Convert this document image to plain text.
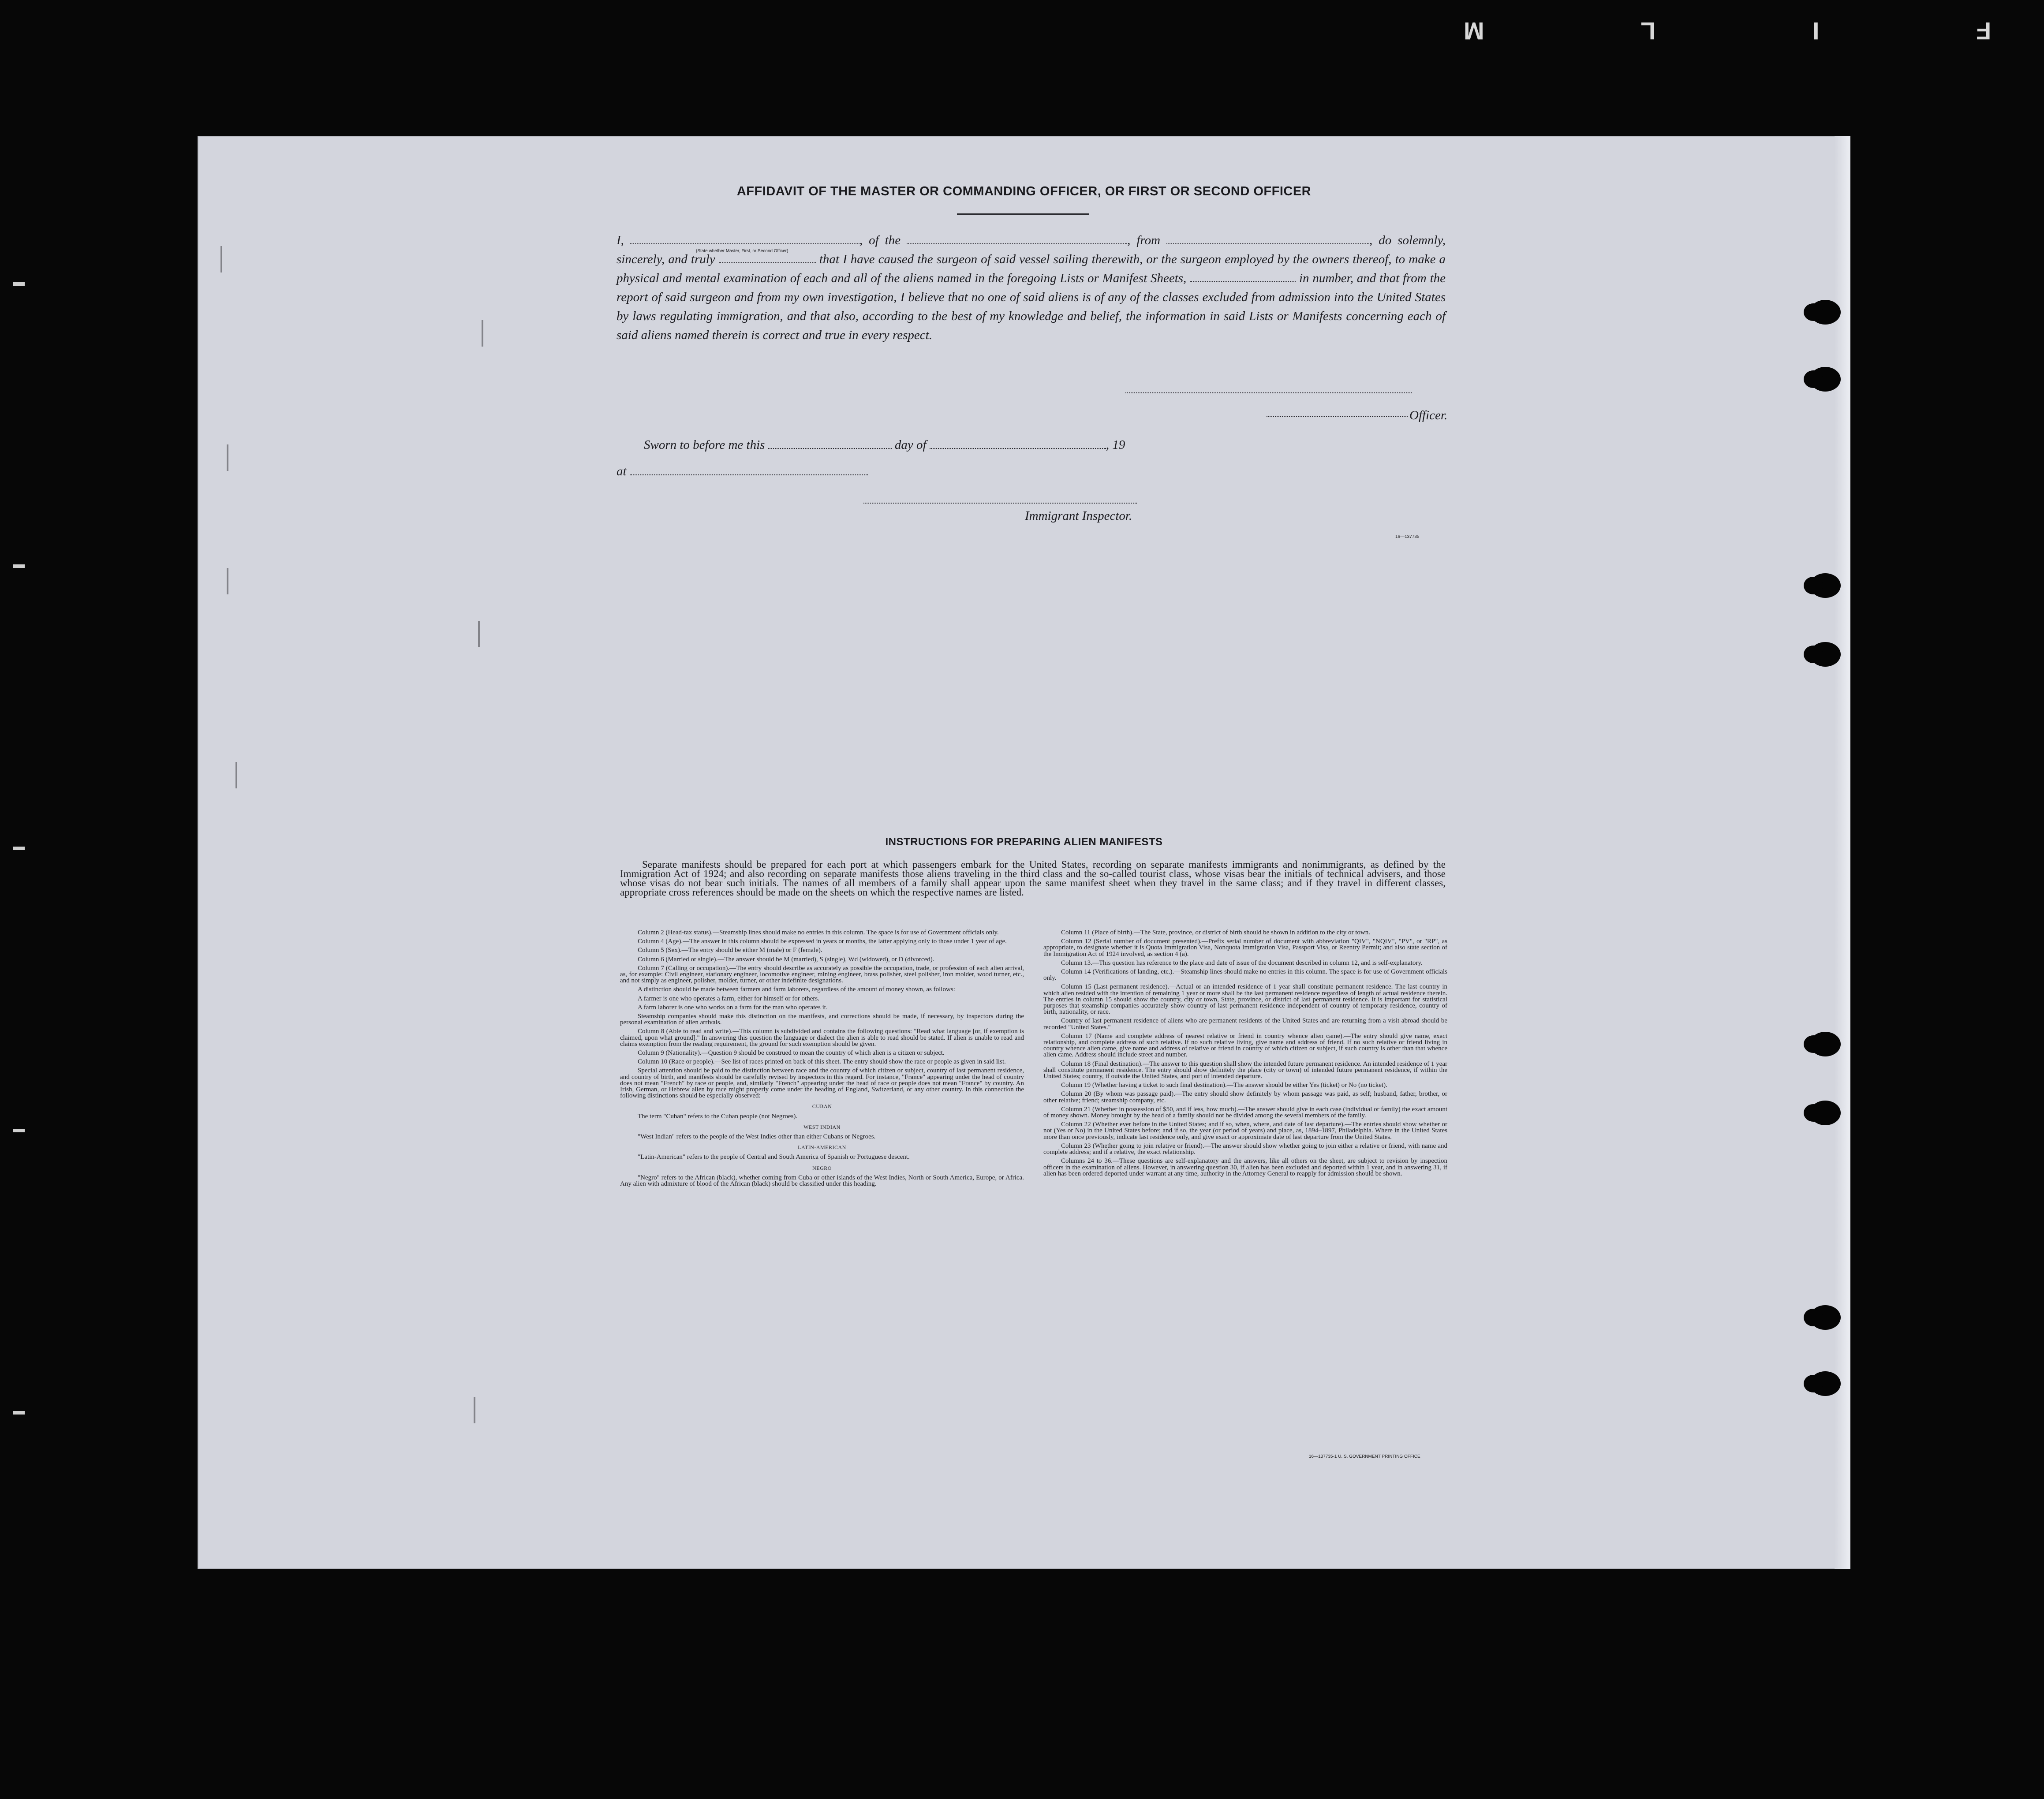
F I L M
AFFIDAVIT OF THE MASTER OR COMMANDING OFFICER, OR FIRST OR SECOND OFFICER
I,	, of the	, from	, do solemnly, sincerely, and truly	that I have caused the surgeon of said vessel sailing therewith, or the surgeon employed by the owners thereof, to make a physical and mental examination of each and all of the aliens named in the foregoing Lists or Manifest Sheets,	in number, and that from the report of said surgeon and from my own investigation, I believe that no one of said aliens is of any of the classes excluded from admission into the United States by laws regulating immigration, and that also, according to the best of my knowledge and belief, the information in said Lists or Manifests concerning each of said aliens named therein is correct and true in every respect.
(State whether Master, First, or Second Officer)
Officer.
Sworn to before me this	day of	, 19
at
Immigrant Inspector.
16—137735
INSTRUCTIONS FOR PREPARING ALIEN MANIFESTS
Separate manifests should be prepared for each port at which passengers embark for the United States, recording on separate manifests immigrants and nonimmigrants, as defined by the Immigration Act of 1924; and also recording on separate manifests those aliens traveling in the third class and the so-called tourist class, whose visas bear the initials of technical advisers, and those whose visas do not bear such initials. The names of all members of a family shall appear upon the same manifest sheet when they travel in the same class; and if they travel in different classes, appropriate cross references should be made on the sheets on which the respective names are listed.

Column 2 (Head-tax status).—Steamship lines should make no entries in this column. The space is for use of Government officials only.

Column 4 (Age).—The answer in this column should be expressed in years or months, the latter applying only to those under 1 year of age.

Column 5 (Sex).—The entry should be either M (male) or F (female).

Column 6 (Married or single).—The answer should be M (married), S (single), Wd (widowed), or D (divorced).

Column 7 (Calling or occupation).—The entry should describe as accurately as possible the occupation, trade, or profession of each alien arrival, as, for example: Civil engineer, stationary engineer, locomotive engineer, mining engineer, brass polisher, steel polisher, iron molder, wood turner, etc., and not simply as engineer, polisher, molder, turner, or other indefinite designations.

A distinction should be made between farmers and farm laborers, regardless of the amount of money shown, as follows:

A farmer is one who operates a farm, either for himself or for others.

A farm laborer is one who works on a farm for the man who operates it.

Steamship companies should make this distinction on the manifests, and corrections should be made, if necessary, by inspectors during the personal examination of alien arrivals.

Column 8 (Able to read and write).—This column is subdivided and contains the following questions: "Read what language [or, if exemption is claimed, upon what ground]." In answering this question the language or dialect the alien is able to read should be stated. If alien is unable to read and claims exemption from the reading requirement, the ground for such exemption should be given.

Column 9 (Nationality).—Question 9 should be construed to mean the country of which alien is a citizen or subject.

Column 10 (Race or people).—See list of races printed on back of this sheet. The entry should show the race or people as given in said list.

Special attention should be paid to the distinction between race and the country of which citizen or subject, country of last permanent residence, and country of birth, and manifests should be carefully revised by inspectors in this regard. For instance, "France" appearing under the head of country does not mean "French" by race or people, and, similarly "French" appearing under the head of race or people does not mean "France" by country. An Irish, German, or Hebrew alien by race might properly come under the heading of England, Switzerland, or any other country. In this connection the following distinctions should be especially observed:

CUBAN

The term "Cuban" refers to the Cuban people (not Negroes).

WEST INDIAN

"West Indian" refers to the people of the West Indies other than either Cubans or Negroes.

LATIN-AMERICAN

"Latin-American" refers to the people of Central and South America of Spanish or Portuguese descent.

NEGRO

"Negro" refers to the African (black), whether coming from Cuba or other islands of the West Indies, North or South America, Europe, or Africa. Any alien with admixture of blood of the African (black) should be classified under this heading.

Column 11 (Place of birth).—The State, province, or district of birth should be shown in addition to the city or town.

Column 12 (Serial number of document presented).—Prefix serial number of document with abbreviation "QIV", "NQIV", "PV", or "RP", as appropriate, to designate whether it is Quota Immigration Visa, Nonquota Immigration Visa, Passport Visa, or Reentry Permit; and also state section of the Immigration Act of 1924 involved, as section 4 (a).

Column 13.—This question has reference to the place and date of issue of the document described in column 12, and is self-explanatory.

Column 14 (Verifications of landing, etc.).—Steamship lines should make no entries in this column. The space is for use of Government officials only.

Column 15 (Last permanent residence).—Actual or an intended residence of 1 year shall constitute permanent residence. The last country in which alien resided with the intention of remaining 1 year or more shall be the last permanent residence regardless of length of actual residence therein. The entries in column 15 should show the country, city or town, State, province, or district of last permanent residence. It is important for statistical purposes that steamship companies accurately show country of last permanent residence independent of country of temporary residence, country of birth, nationality, or race.

Country of last permanent residence of aliens who are permanent residents of the United States and are returning from a visit abroad should be recorded "United States."

Column 17 (Name and complete address of nearest relative or friend in country whence alien came).—The entry should give name, exact relationship, and complete address of such relative. If no such relative living, give name and address of friend. If no such relative or friend living in country whence alien came, give name and address of relative or friend in country of which citizen or subject, if such country is other than that whence alien came. Address should include street and number.

Column 18 (Final destination).—The answer to this question shall show the intended future permanent residence. An intended residence of 1 year shall constitute permanent residence. The entry should show definitely the place (city or town) of intended future permanent residence, if within the United States; country, if outside the United States, and port of intended departure.

Column 19 (Whether having a ticket to such final destination).—The answer should be either Yes (ticket) or No (no ticket).

Column 20 (By whom was passage paid).—The entry should show definitely by whom passage was paid, as self; husband, father, brother, or other relative; friend; steamship company, etc.

Column 21 (Whether in possession of $50, and if less, how much).—The answer should give in each case (individual or family) the exact amount of money shown. Money brought by the head of a family should not be divided among the several members of the family.

Column 22 (Whether ever before in the United States; and if so, when, where, and date of last departure).—The entries should show whether or not (Yes or No) in the United States before; and if so, the year (or period of years) and place, as, 1894–1897, Philadelphia. Where in the United States more than once previously, indicate last residence only, and give exact or approximate date of last departure from the United States.

Column 23 (Whether going to join relative or friend).—The answer should show whether going to join either a relative or friend, with name and complete address; and if a relative, the exact relationship.

Columns 24 to 36.—These questions are self-explanatory and the answers, like all others on the sheet, are subject to revision by inspection officers in the examination of aliens. However, in answering question 30, if alien has been excluded and deported within 1 year, and in answering 31, if alien has been ordered deported under warrant at any time, authority in the Attorney General to reapply for admission should be shown.

16—137735-1 U. S. GOVERNMENT PRINTING OFFICE
